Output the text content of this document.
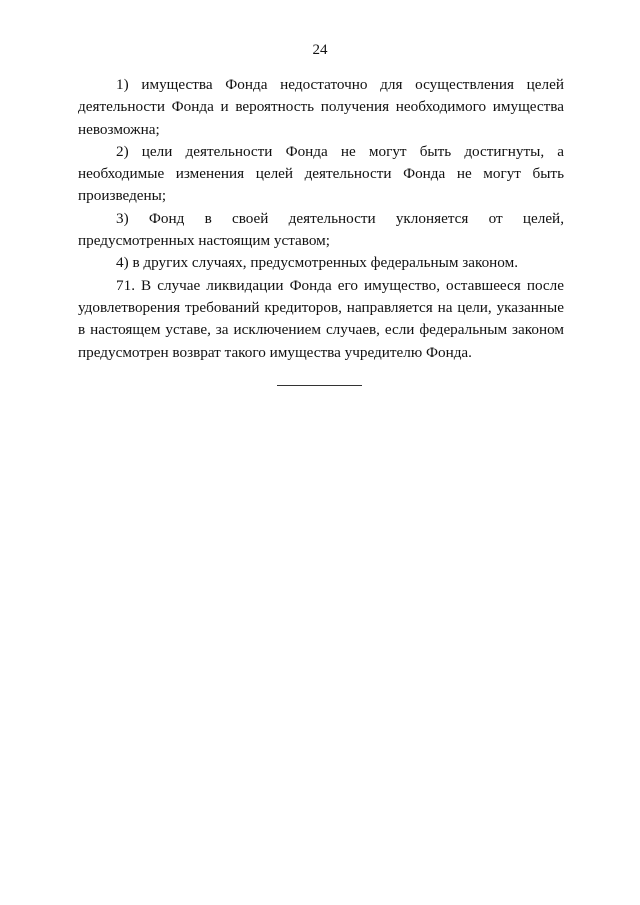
24

1) имущества Фонда недостаточно для осуществления целей деятельности Фонда и вероятность получения необходимого имущества невозможна;

2) цели деятельности Фонда не могут быть достигнуты, а необходимые изменения целей деятельности Фонда не могут быть произведены;

3) Фонд в своей деятельности уклоняется от целей, предусмотренных настоящим уставом;

4) в других случаях, предусмотренных федеральным законом.

71. В случае ликвидации Фонда его имущество, оставшееся после удовлетворения требований кредиторов, направляется на цели, указанные в настоящем уставе, за исключением случаев, если федеральным законом предусмотрен возврат такого имущества учредителю Фонда.
